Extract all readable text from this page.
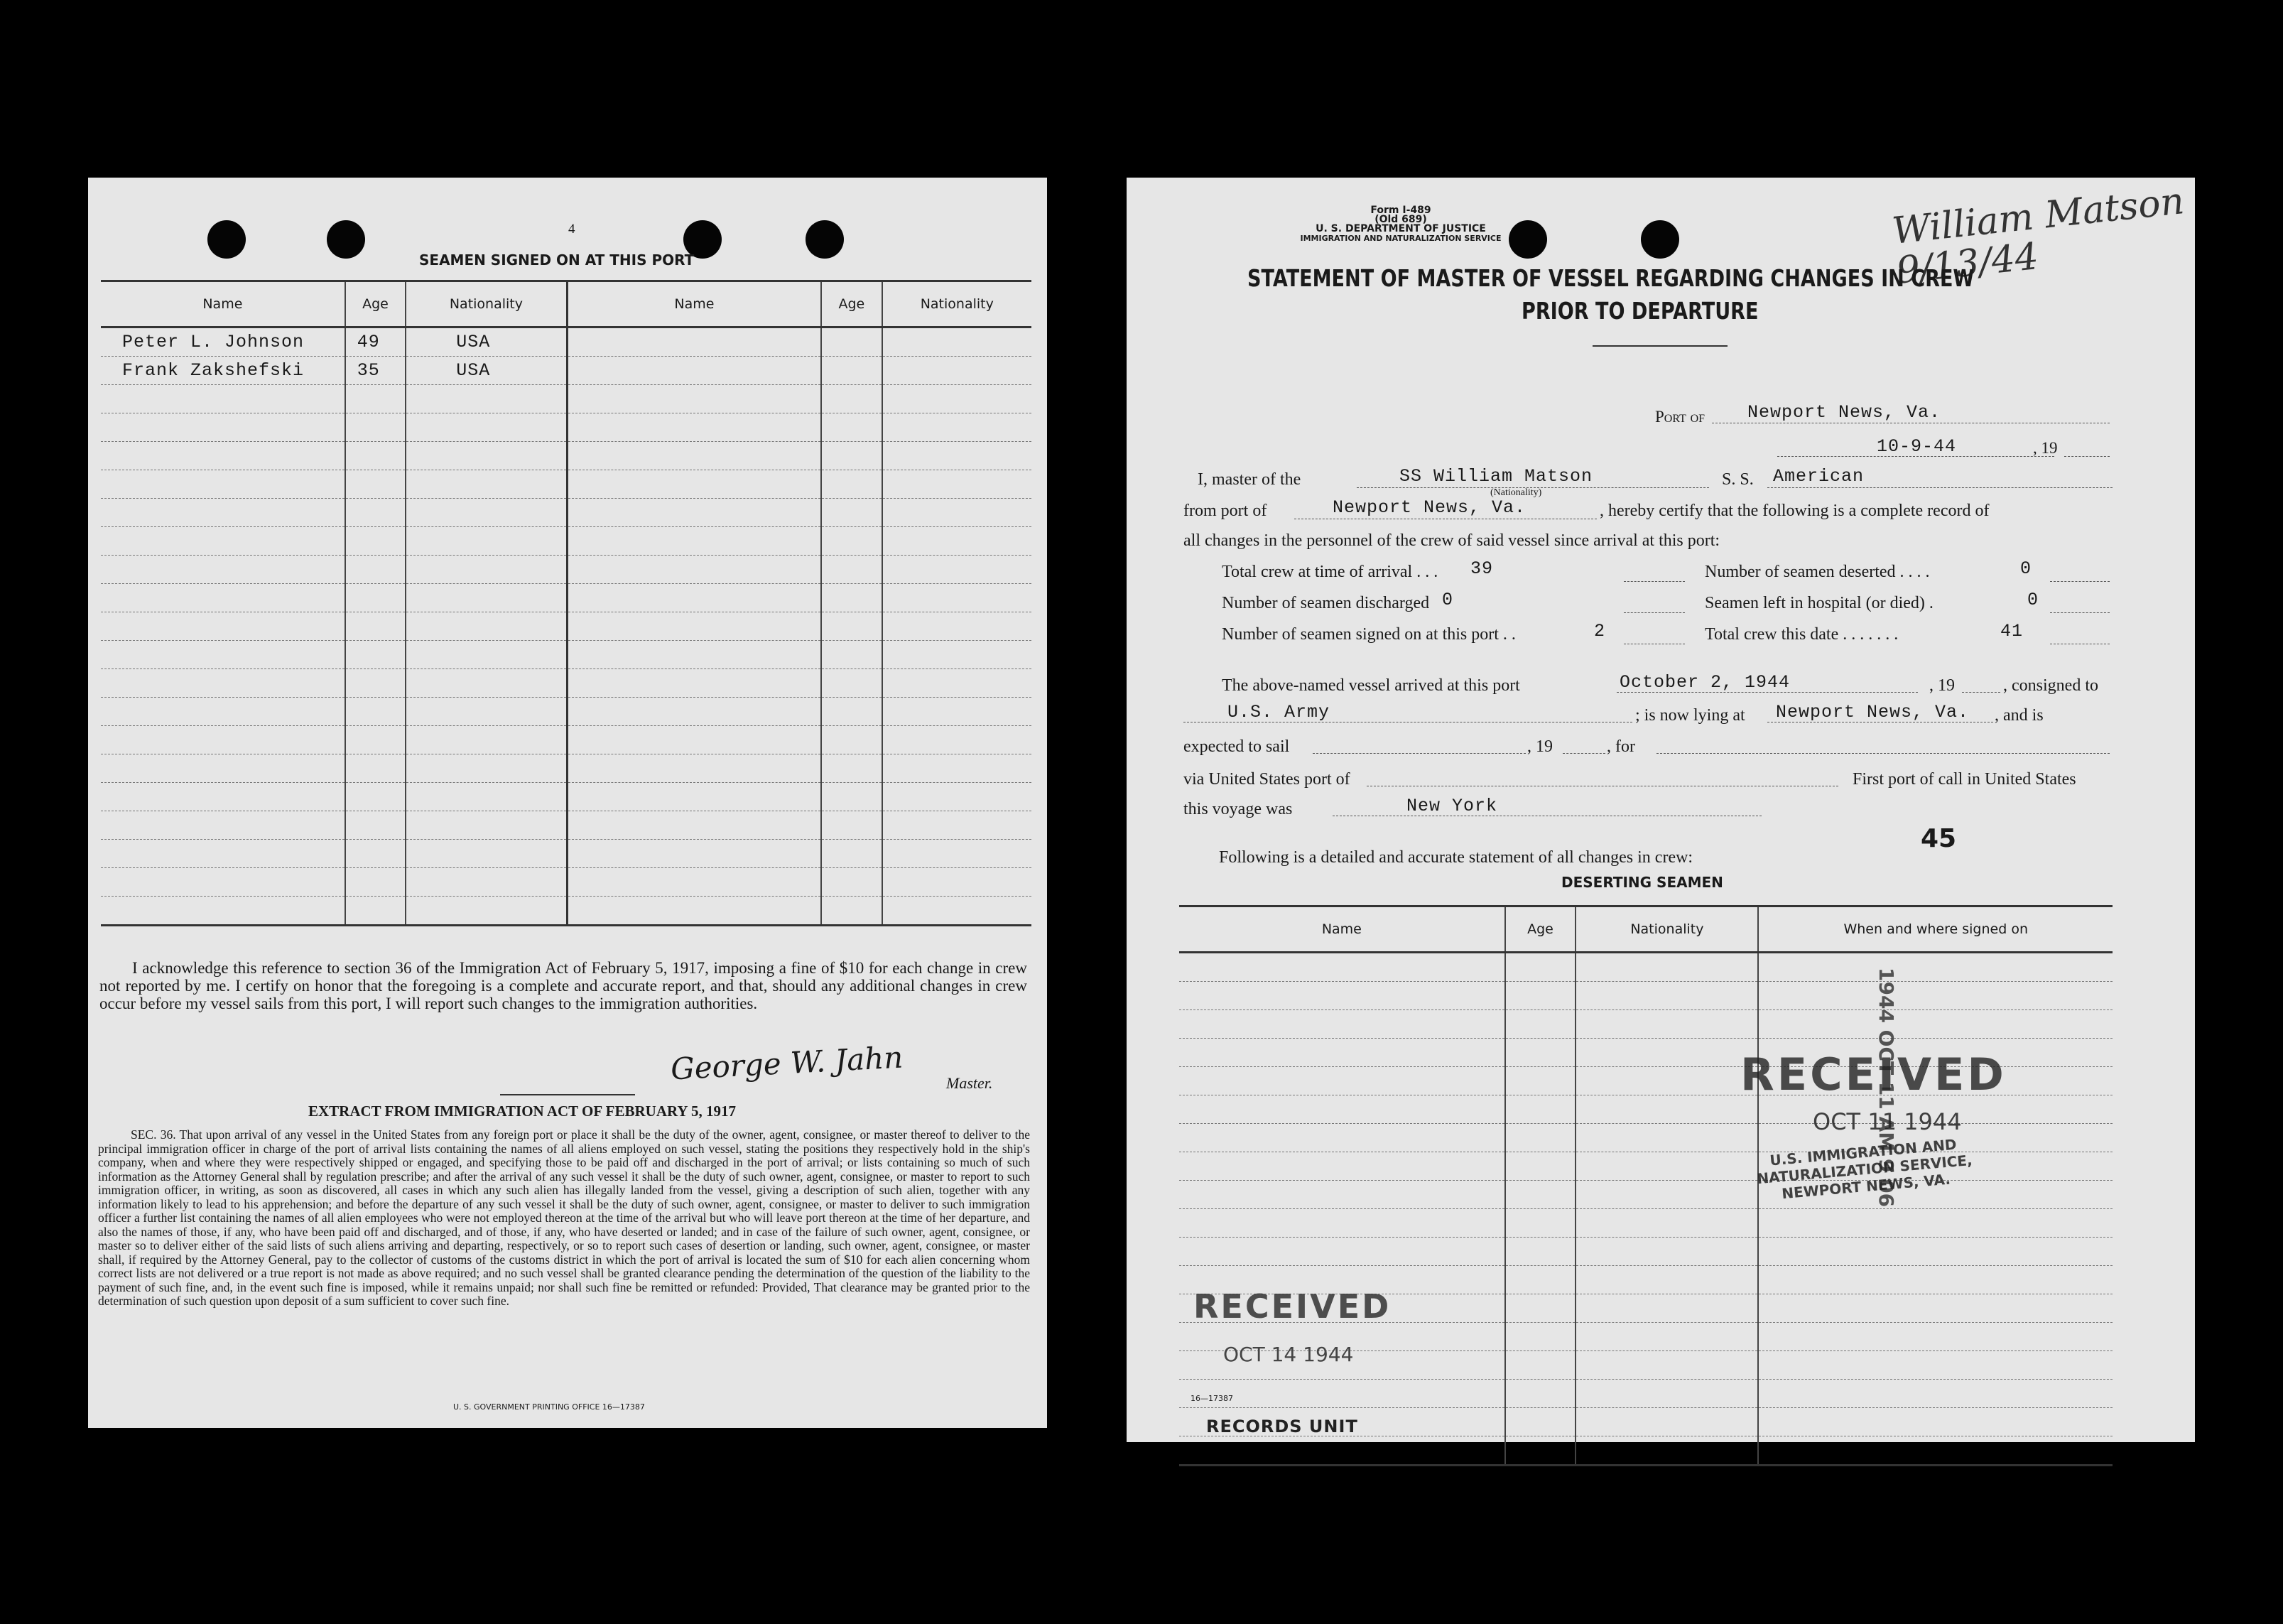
4
SEAMEN SIGNED ON AT THIS PORT
Name	Age	Nationality	Name	Age	Nationality
Peter L. Johnson	49	USA			
Frank Zakshefski	35	USA			

I acknowledge this reference to section 36 of the Immigration Act of February 5, 1917, imposing a fine of $10 for each change in crew not reported by me. I certify on honor that the foregoing is a complete and accurate report, and that, should any additional changes in crew occur before my vessel sails from this port, I will report such changes to the immigration authorities.
George W. Jahn	Master.
EXTRACT FROM IMMIGRATION ACT OF FEBRUARY 5, 1917
SEC. 36. That upon arrival of any vessel in the United States from any foreign port or place it shall be the duty of the owner, agent, consignee, or master thereof to deliver to the principal immigration officer in charge of the port of arrival lists containing the names of all aliens employed on such vessel, stating the positions they respectively hold in the ship's company, when and where they were respectively shipped or engaged, and specifying those to be paid off and discharged in the port of arrival; or lists containing so much of such information as the Attorney General shall by regulation prescribe; and after the arrival of any such vessel it shall be the duty of such owner, agent, consignee, or master to report to such immigration officer, in writing, as soon as discovered, all cases in which any such alien has illegally landed from the vessel, giving a description of such alien, together with any information likely to lead to his apprehension; and before the departure of any such vessel it shall be the duty of such owner, agent, consignee, or master to deliver to such immigration officer a further list containing the names of all alien employees who were not employed thereon at the time of the arrival but who will leave port thereon at the time of her departure, and also the names of those, if any, who have been paid off and discharged, and of those, if any, who have deserted or landed; and in case of the failure of such owner, agent, consignee, or master so to deliver either of the said lists of such aliens arriving and departing, respectively, or so to report such cases of desertion or landing, such owner, agent, consignee, or master shall, if required by the Attorney General, pay to the collector of customs of the customs district in which the port of arrival is located the sum of $10 for each alien concerning whom correct lists are not delivered or a true report is not made as above required; and no such vessel shall be granted clearance pending the determination of the question of the liability to the payment of such fine, and, in the event such fine is imposed, while it remains unpaid; nor shall such fine be remitted or refunded: Provided, That clearance may be granted prior to the determination of such question upon deposit of a sum sufficient to cover such fine.
U. S. GOVERNMENT PRINTING OFFICE 16—17387
Form I-489
(Old 689)
U. S. DEPARTMENT OF JUSTICE
IMMIGRATION AND NATURALIZATION SERVICE	William Matson 9/13/44
STATEMENT OF MASTER OF VESSEL REGARDING CHANGES IN CREW
PRIOR TO DEPARTURE
Port of Newport News, Va.
10-9-44	, 19
I, master of the	SS William Matson
(Nationality)
S. S. American
from port of	Newport News, Va.	, hereby certify that the following is a complete record of
all changes in the personnel of the crew of said vessel since arrival at this port:
Total crew at time of arrival . . . 39	Number of seamen deserted . . . .	0
Number of seamen discharged 0	Seamen left in hospital (or died) .	0
Number of seamen signed on at this port . .	2	Total crew this date . . . . . . .	41
The above-named vessel arrived at this port	October 2, 1944	, 19	, consigned to
U.S. Army	; is now lying at Newport News, Va. , and is
expected to sail	, 19	, for
via United States port of	First port of call in United States
this voyage was	New York
45
Following is a detailed and accurate statement of all changes in crew:
DESERTING SEAMEN
Name	Age	Nationality	When and where signed on

RECEIVED
OCT 11 1944
U.S. IMMIGRATION AND NATURALIZATION SERVICE, NEWPORT NEWS, VA.
1944 OCT 11 AM 9 06
RECEIVED
OCT 14 1944
16—17387
RECORDS UNIT
